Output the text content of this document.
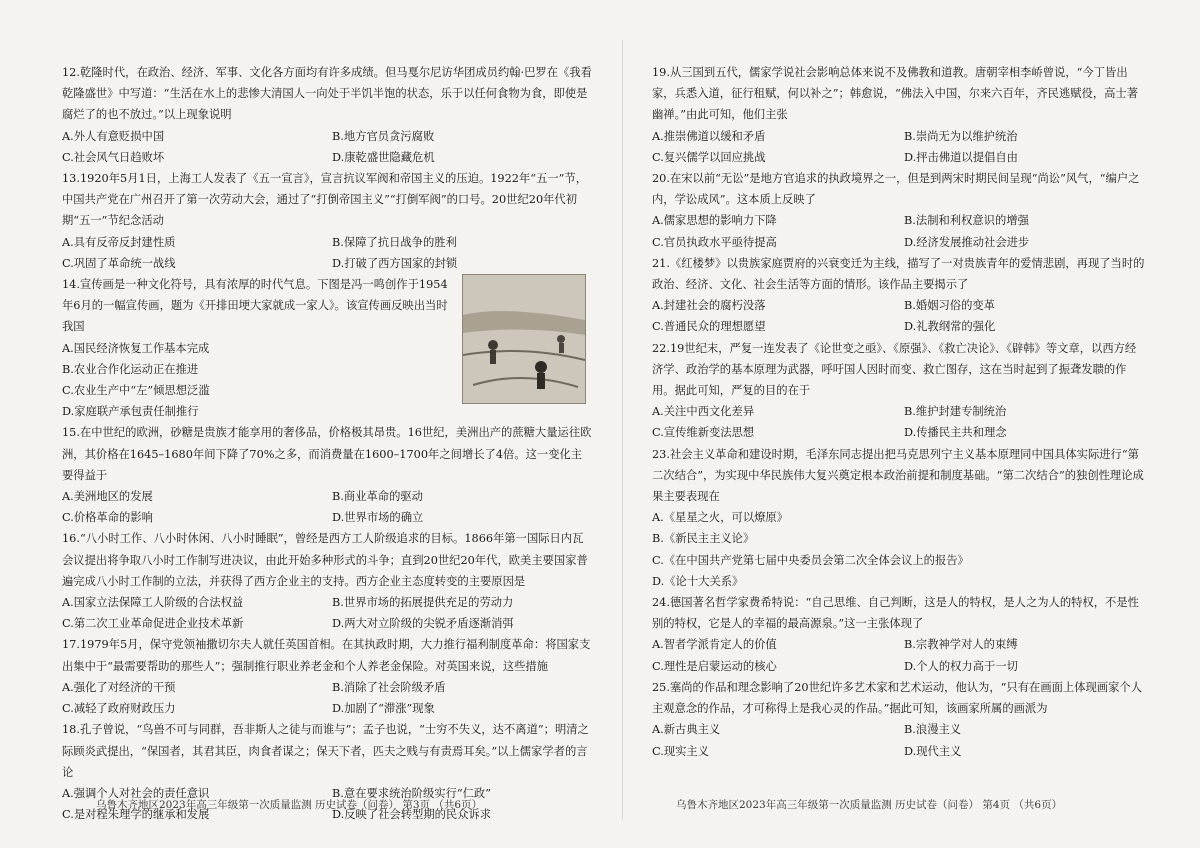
12.乾隆时代，在政治、经济、军事、文化各方面均有许多成绩。但马戛尔尼访华团成员约翰·巴罗在《我看乾隆盛世》中写道：“生活在水上的悲惨大清国人一向处于半饥半饱的状态，乐于以任何食物为食，即使是腐烂了的也不放过。”以上现象说明
A.外人有意贬损中国	B.地方官员贪污腐败
C.社会风气日趋败坏	D.康乾盛世隐藏危机
13.1920年5月1日，上海工人发表了《五一宣言》，宣言抗议军阀和帝国主义的压迫。1922年“五一”节，中国共产党在广州召开了第一次劳动大会，通过了“打倒帝国主义”“打倒军阀”的口号。20世纪20年代初期“五一”节纪念活动
A.具有反帝反封建性质	B.保障了抗日战争的胜利
C.巩固了革命统一战线	D.打破了西方国家的封锁
14.宣传画是一种文化符号，具有浓厚的时代气息。下图是冯一鸣创作于1954年6月的一幅宣传画，题为《开排田埂大家就成一家人》。该宣传画反映出当时我国
A.国民经济恢复工作基本完成
B.农业合作化运动正在推进
C.农业生产中“左”倾思想泛滥
D.家庭联产承包责任制推行
15.在中世纪的欧洲，砂糖是贵族才能享用的奢侈品，价格极其昂贵。16世纪，美洲出产的蔗糖大量运往欧洲，其价格在1645–1680年间下降了70%之多，而消费量在1600–1700年之间增长了4倍。这一变化主要得益于
A.美洲地区的发展	B.商业革命的驱动
C.价格革命的影响	D.世界市场的确立
16.“八小时工作、八小时休闲、八小时睡眠”，曾经是西方工人阶级追求的目标。1866年第一国际日内瓦会议提出将争取八小时工作制写进决议，由此开始多种形式的斗争；直到20世纪20年代，欧美主要国家普遍完成八小时工作制的立法，并获得了西方企业主的支持。西方企业主态度转变的主要原因是
A.国家立法保障工人阶级的合法权益	B.世界市场的拓展提供充足的劳动力
C.第二次工业革命促进企业技术革新	D.两大对立阶级的尖锐矛盾逐渐消弭
17.1979年5月，保守党领袖撒切尔夫人就任英国首相。在其执政时期，大力推行福利制度革命：将国家支出集中于“最需要帮助的那些人”；强制推行职业养老金和个人养老金保险。对英国来说，这些措施
A.强化了对经济的干预	B.消除了社会阶级矛盾
C.减轻了政府财政压力	D.加剧了“滞涨”现象
18.孔子曾说，“鸟兽不可与同群，吾非斯人之徒与而谁与”；孟子也说，“士穷不失义，达不离道”；明清之际顾炎武提出，“保国者，其君其臣，肉食者谋之；保天下者，匹夫之贱与有责焉耳矣。”以上儒家学者的言论
A.强调个人对社会的责任意识	B.意在要求统治阶级实行“仁政”
C.是对程朱理学的继承和发展	D.反映了社会转型期的民众诉求
乌鲁木齐地区2023年高三年级第一次质量监测 历史试卷（问卷） 第3页 （共6页）
19.从三国到五代，儒家学说社会影响总体来说不及佛教和道教。唐朝宰相李峤曾说，“今丁皆出家，兵悉入道，征行租赋，何以补之”；韩愈说，“佛法入中国，尔来六百年，齐民逃赋役，高士著幽禅。”由此可知，他们主张
A.推崇佛道以缓和矛盾	B.崇尚无为以维护统治
C.复兴儒学以回应挑战	D.抨击佛道以提倡自由
20.在宋以前“无讼”是地方官追求的执政境界之一，但是到两宋时期民间呈现“尚讼”风气，“编户之内，学讼成风”。这本质上反映了
A.儒家思想的影响力下降	B.法制和利权意识的增强
C.官员执政水平亟待提高	D.经济发展推动社会进步
21.《红楼梦》以贵族家庭贾府的兴衰变迁为主线，描写了一对贵族青年的爱情悲剧，再现了当时的政治、经济、文化、社会生活等方面的情形。该作品主要揭示了
A.封建社会的腐朽没落	B.婚姻习俗的变革
C.普通民众的理想愿望	D.礼教纲常的强化
22.19世纪末，严复一连发表了《论世变之亟》、《原强》、《救亡决论》、《辟韩》等文章，以西方经济学、政治学的基本原理为武器，呼吁国人因时而变、救亡图存，这在当时起到了振聋发聩的作用。据此可知，严复的目的在于
A.关注中西文化差异	B.维护封建专制统治
C.宣传维新变法思想	D.传播民主共和理念
23.社会主义革命和建设时期，毛泽东同志提出把马克思列宁主义基本原理同中国具体实际进行“第二次结合”，为实现中华民族伟大复兴奠定根本政治前提和制度基础。“第二次结合”的独创性理论成果主要表现在
A.《星星之火，可以燎原》
B.《新民主主义论》
C.《在中国共产党第七届中央委员会第二次全体会议上的报告》
D.《论十大关系》
24.德国著名哲学家费希特说：“自己思维、自己判断，这是人的特权，是人之为人的特权，不是性别的特权，它是人的幸福的最高源泉。”这一主张体现了
A.智者学派肯定人的价值	B.宗教神学对人的束缚
C.理性是启蒙运动的核心	D.个人的权力高于一切
25.塞尚的作品和理念影响了20世纪许多艺术家和艺术运动，他认为，“只有在画面上体现画家个人主观意念的作品，才可称得上是我心灵的作品。”据此可知，该画家所属的画派为
A.新古典主义	B.浪漫主义
C.现实主义	D.现代主义
乌鲁木齐地区2023年高三年级第一次质量监测 历史试卷（问卷） 第4页 （共6页）
